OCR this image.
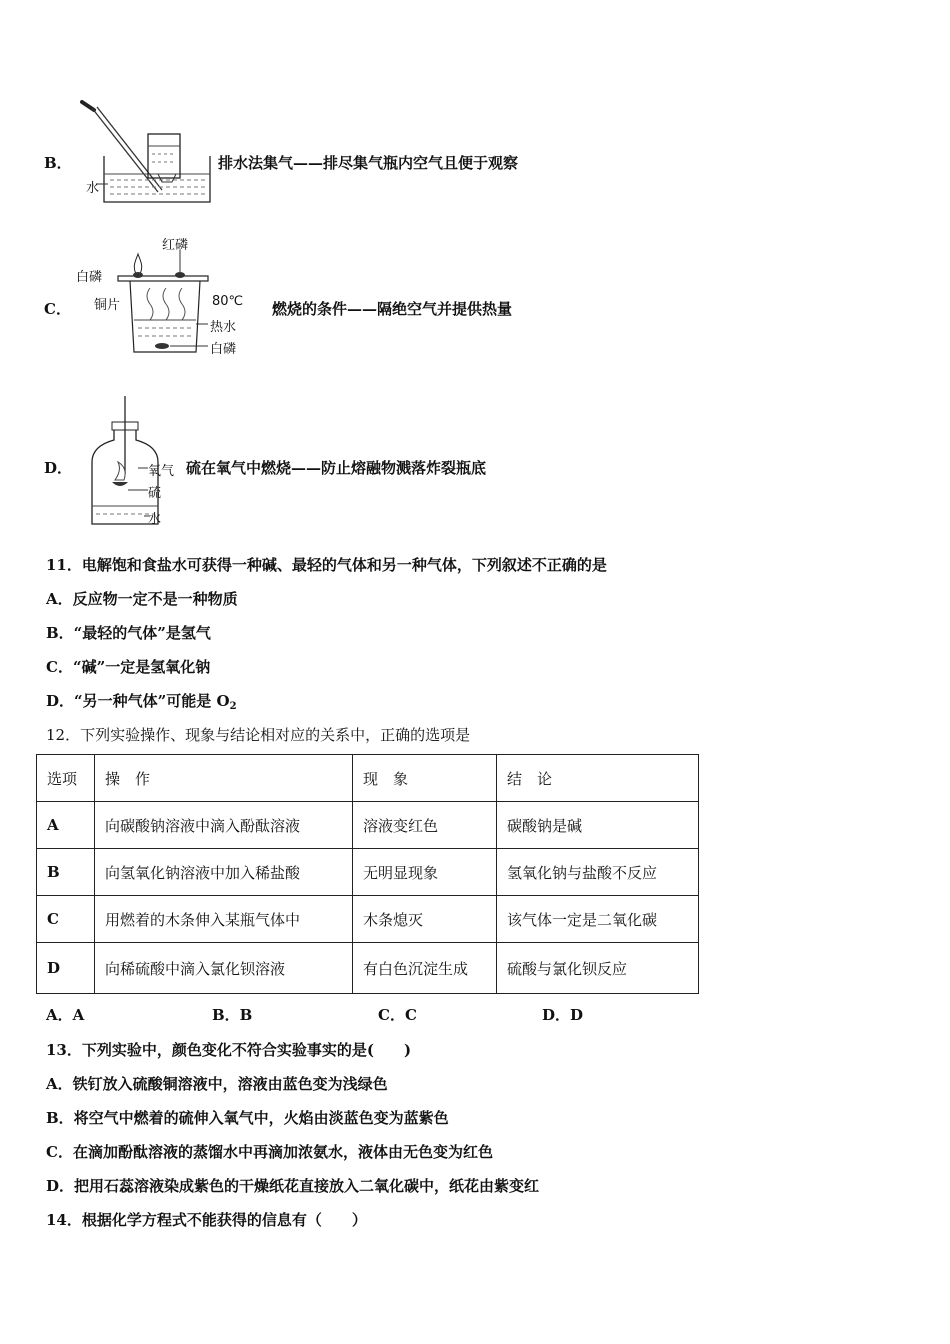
B．
水
排水法集气——排尽集气瓶内空气且便于观察
C．
红磷
白磷
铜片	80℃
热水
白磷
燃烧的条件——隔绝空气并提供热量
D．	氧气
硫
水
硫在氧气中燃烧——防止熔融物溅落炸裂瓶底
11．电解饱和食盐水可获得一种碱、最轻的气体和另一种气体，下列叙述不正确的是
A．反应物一定不是一种物质
B．“最轻的气体”是氢气
C．“碱”一定是氢氧化钠
D．“另一种气体”可能是 $O_2$
12．下列实验操作、现象与结论相对应的关系中，正确的选项是
选项	操　作	现　象	结　论
A	向碳酸钠溶液中滴入酚酞溶液	溶液变红色	碳酸钠是碱
B	向氢氧化钠溶液中加入稀盐酸	无明显现象	氢氧化钠与盐酸不反应
C	用燃着的木条伸入某瓶气体中	木条熄灭	该气体一定是二氧化碳
D	向稀硫酸中滴入氯化钡溶液	有白色沉淀生成	硫酸与氯化钡反应
A．A	B．B	C．C	D．D
13．下列实验中，颜色变化不符合实验事实的是(　　)
A．铁钉放入硫酸铜溶液中，溶液由蓝色变为浅绿色
B．将空气中燃着的硫伸入氧气中，火焰由淡蓝色变为蓝紫色
C．在滴加酚酞溶液的蒸馏水中再滴加浓氨水，液体由无色变为红色
D．把用石蕊溶液染成紫色的干燥纸花直接放入二氧化碳中，纸花由紫变红
14．根据化学方程式不能获得的信息有（　　）
